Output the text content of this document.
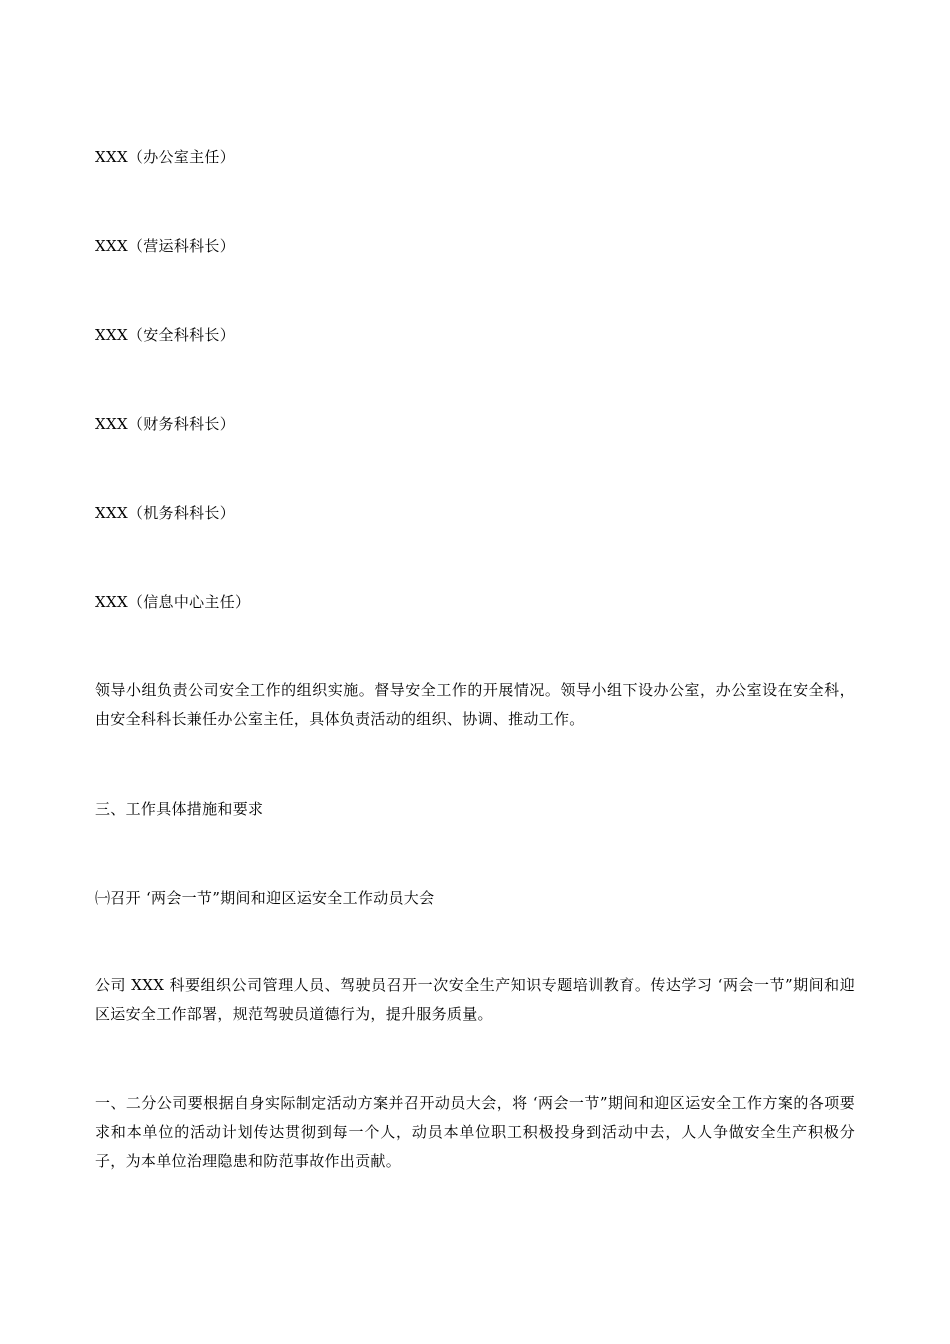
XXX（办公室主任）
XXX（营运科科长）
XXX（安全科科长）
XXX（财务科科长）
XXX（机务科科长）
XXX（信息中心主任）
领导小组负责公司安全工作的组织实施。督导安全工作的开展情况。领导小组下设办公室，办公室设在安全科，由安全科科长兼任办公室主任，具体负责活动的组织、协调、推动工作。
三、工作具体措施和要求
㈠召开 ‘两会一节”期间和迎区运安全工作动员大会
公司 XXX 科要组织公司管理人员、驾驶员召开一次安全生产知识专题培训教育。传达学习 ‘两会一节”期间和迎区运安全工作部署，规范驾驶员道德行为，提升服务质量。
一、二分公司要根据自身实际制定活动方案并召开动员大会，将 ‘两会一节”期间和迎区运安全工作方案的各项要求和本单位的活动计划传达贯彻到每一个人，动员本单位职工积极投身到活动中去，人人争做安全生产积极分子，为本单位治理隐患和防范事故作出贡献。
